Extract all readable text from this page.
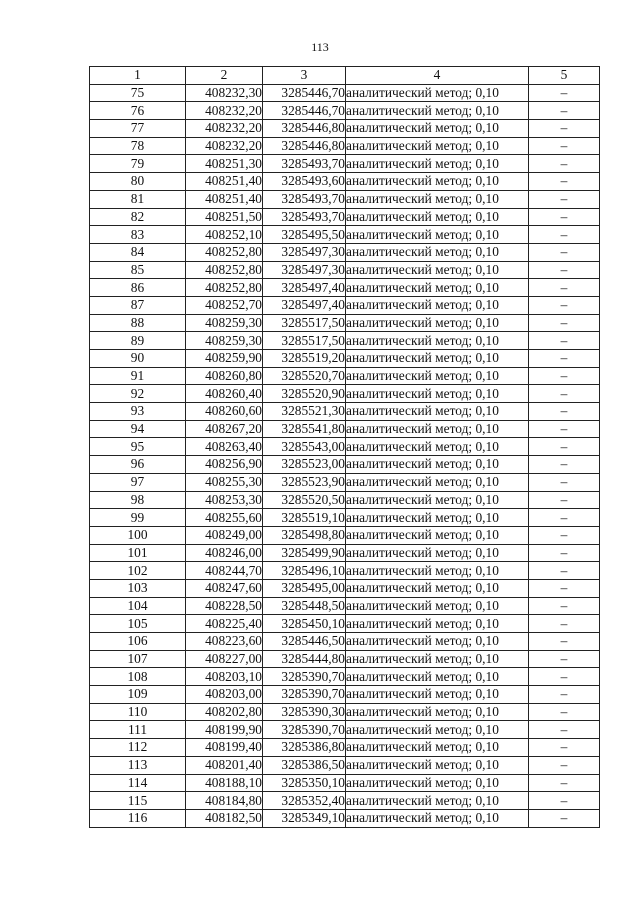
113
1	2	3	4	5
75	408232,30	3285446,70	аналитический метод; 0,10	–
76	408232,20	3285446,70	аналитический метод; 0,10	–
77	408232,20	3285446,80	аналитический метод; 0,10	–
78	408232,20	3285446,80	аналитический метод; 0,10	–
79	408251,30	3285493,70	аналитический метод; 0,10	–
80	408251,40	3285493,60	аналитический метод; 0,10	–
81	408251,40	3285493,70	аналитический метод; 0,10	–
82	408251,50	3285493,70	аналитический метод; 0,10	–
83	408252,10	3285495,50	аналитический метод; 0,10	–
84	408252,80	3285497,30	аналитический метод; 0,10	–
85	408252,80	3285497,30	аналитический метод; 0,10	–
86	408252,80	3285497,40	аналитический метод; 0,10	–
87	408252,70	3285497,40	аналитический метод; 0,10	–
88	408259,30	3285517,50	аналитический метод; 0,10	–
89	408259,30	3285517,50	аналитический метод; 0,10	–
90	408259,90	3285519,20	аналитический метод; 0,10	–
91	408260,80	3285520,70	аналитический метод; 0,10	–
92	408260,40	3285520,90	аналитический метод; 0,10	–
93	408260,60	3285521,30	аналитический метод; 0,10	–
94	408267,20	3285541,80	аналитический метод; 0,10	–
95	408263,40	3285543,00	аналитический метод; 0,10	–
96	408256,90	3285523,00	аналитический метод; 0,10	–
97	408255,30	3285523,90	аналитический метод; 0,10	–
98	408253,30	3285520,50	аналитический метод; 0,10	–
99	408255,60	3285519,10	аналитический метод; 0,10	–
100	408249,00	3285498,80	аналитический метод; 0,10	–
101	408246,00	3285499,90	аналитический метод; 0,10	–
102	408244,70	3285496,10	аналитический метод; 0,10	–
103	408247,60	3285495,00	аналитический метод; 0,10	–
104	408228,50	3285448,50	аналитический метод; 0,10	–
105	408225,40	3285450,10	аналитический метод; 0,10	–
106	408223,60	3285446,50	аналитический метод; 0,10	–
107	408227,00	3285444,80	аналитический метод; 0,10	–
108	408203,10	3285390,70	аналитический метод; 0,10	–
109	408203,00	3285390,70	аналитический метод; 0,10	–
110	408202,80	3285390,30	аналитический метод; 0,10	–
111	408199,90	3285390,70	аналитический метод; 0,10	–
112	408199,40	3285386,80	аналитический метод; 0,10	–
113	408201,40	3285386,50	аналитический метод; 0,10	–
114	408188,10	3285350,10	аналитический метод; 0,10	–
115	408184,80	3285352,40	аналитический метод; 0,10	–
116	408182,50	3285349,10	аналитический метод; 0,10	–
